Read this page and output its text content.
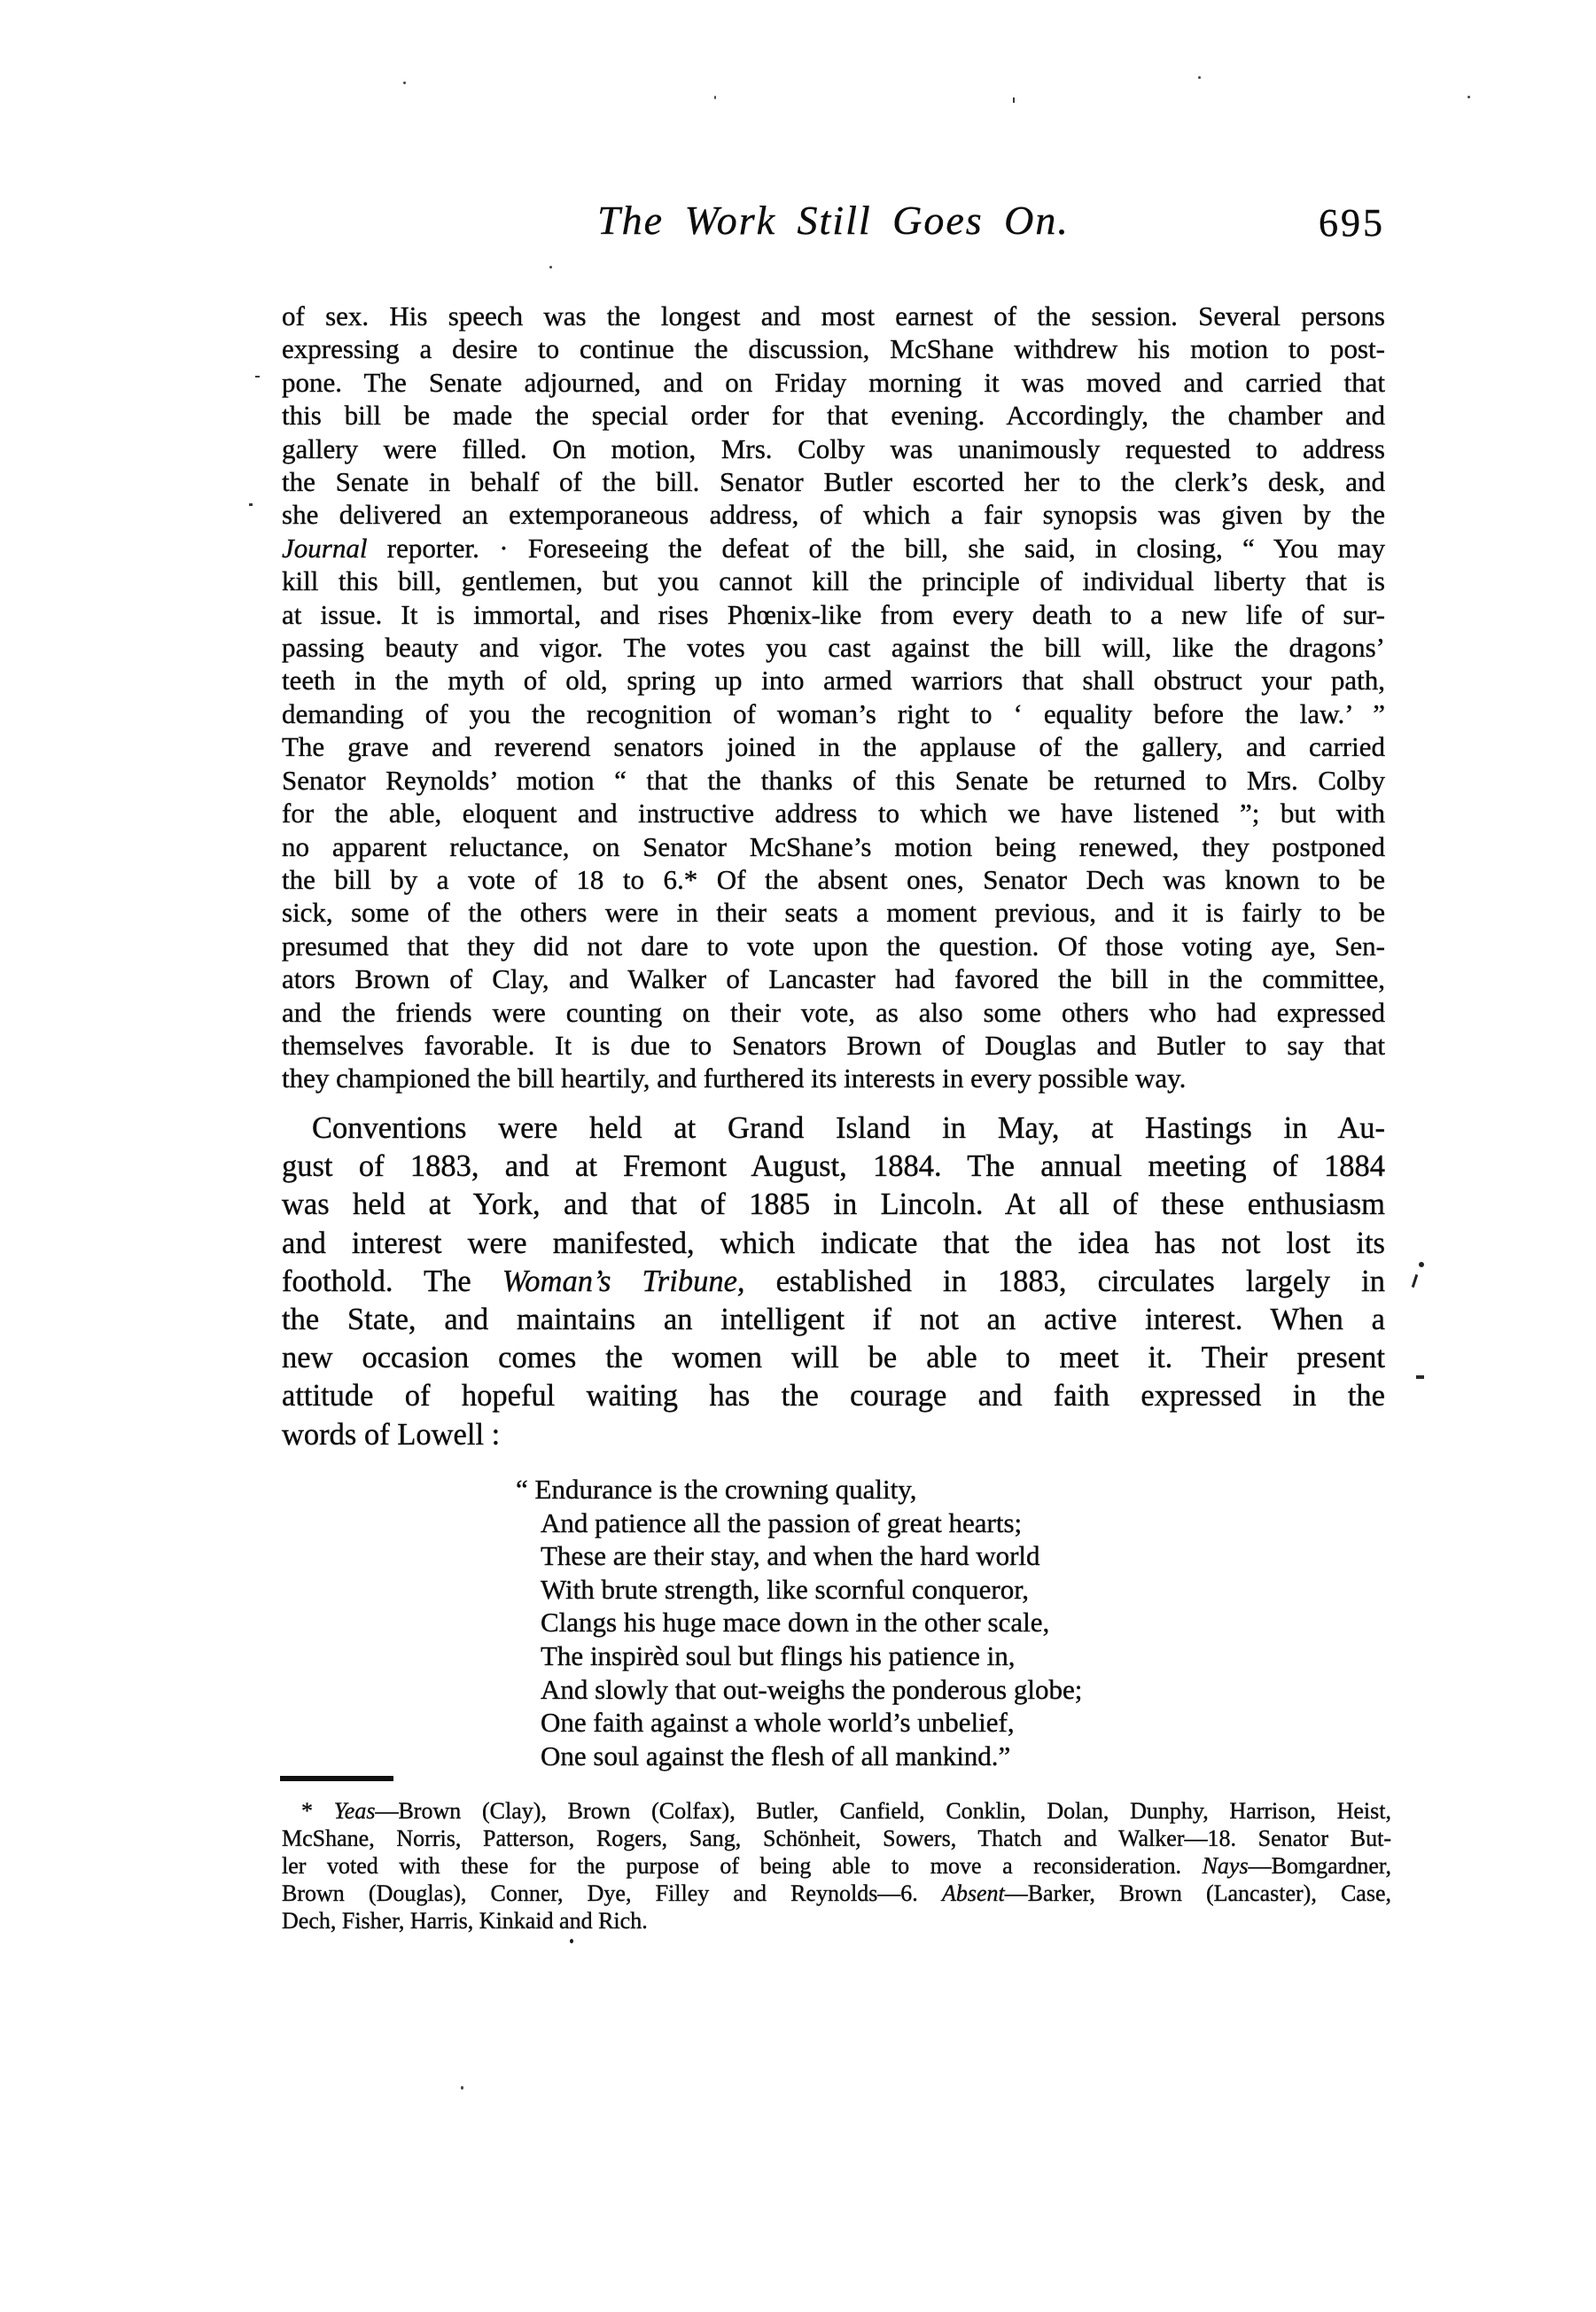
The Work Still Goes On.	695
of sex. His speech was the longest and most earnest of the session. Several persons
expressing a desire to continue the discussion, McShane withdrew his motion to post-
pone. The Senate adjourned, and on Friday morning it was moved and carried that
this bill be made the special order for that evening. Accordingly, the chamber and
gallery were filled. On motion, Mrs. Colby was unanimously requested to address
the Senate in behalf of the bill. Senator Butler escorted her to the clerk’s desk, and
she delivered an extemporaneous address, of which a fair synopsis was given by the
Journal reporter. · Foreseeing the defeat of the bill, she said, in closing, “ You may
kill this bill, gentlemen, but you cannot kill the principle of individual liberty that is
at issue. It is immortal, and rises Phœnix-like from every death to a new life of sur-
passing beauty and vigor. The votes you cast against the bill will, like the dragons’
teeth in the myth of old, spring up into armed warriors that shall obstruct your path,
demanding of you the recognition of woman’s right to ‘ equality before the law.’ ”
The grave and reverend senators joined in the applause of the gallery, and carried
Senator Reynolds’ motion “ that the thanks of this Senate be returned to Mrs. Colby
for the able, eloquent and instructive address to which we have listened ”; but with
no apparent reluctance, on Senator McShane’s motion being renewed, they postponed
the bill by a vote of 18 to 6.* Of the absent ones, Senator Dech was known to be
sick, some of the others were in their seats a moment previous, and it is fairly to be
presumed that they did not dare to vote upon the question. Of those voting aye, Sen-
ators Brown of Clay, and Walker of Lancaster had favored the bill in the committee,
and the friends were counting on their vote, as also some others who had expressed
themselves favorable. It is due to Senators Brown of Douglas and Butler to say that
they championed the bill heartily, and furthered its interests in every possible way.
Conventions were held at Grand Island in May, at Hastings in Au-
gust of 1883, and at Fremont August, 1884. The annual meeting of 1884
was held at York, and that of 1885 in Lincoln. At all of these enthusiasm
and interest were manifested, which indicate that the idea has not lost its
foothold. The Woman’s Tribune, established in 1883, circulates largely in
the State, and maintains an intelligent if not an active interest. When a
new occasion comes the women will be able to meet it. Their present
attitude of hopeful waiting has the courage and faith expressed in the
words of Lowell :
“ Endurance is the crowning quality,
And patience all the passion of great hearts;
These are their stay, and when the hard world
With brute strength, like scornful conqueror,
Clangs his huge mace down in the other scale,
The inspirèd soul but flings his patience in,
And slowly that out-weighs the ponderous globe;
One faith against a whole world’s unbelief,
One soul against the flesh of all mankind.”
* Yeas—Brown (Clay), Brown (Colfax), Butler, Canfield, Conklin, Dolan, Dunphy, Harrison, Heist,
McShane, Norris, Patterson, Rogers, Sang, Schönheit, Sowers, Thatch and Walker—18. Senator But-
ler voted with these for the purpose of being able to move a reconsideration. Nays—Bomgardner,
Brown (Douglas), Conner, Dye, Filley and Reynolds—6. Absent—Barker, Brown (Lancaster), Case,
Dech, Fisher, Harris, Kinkaid and Rich.
